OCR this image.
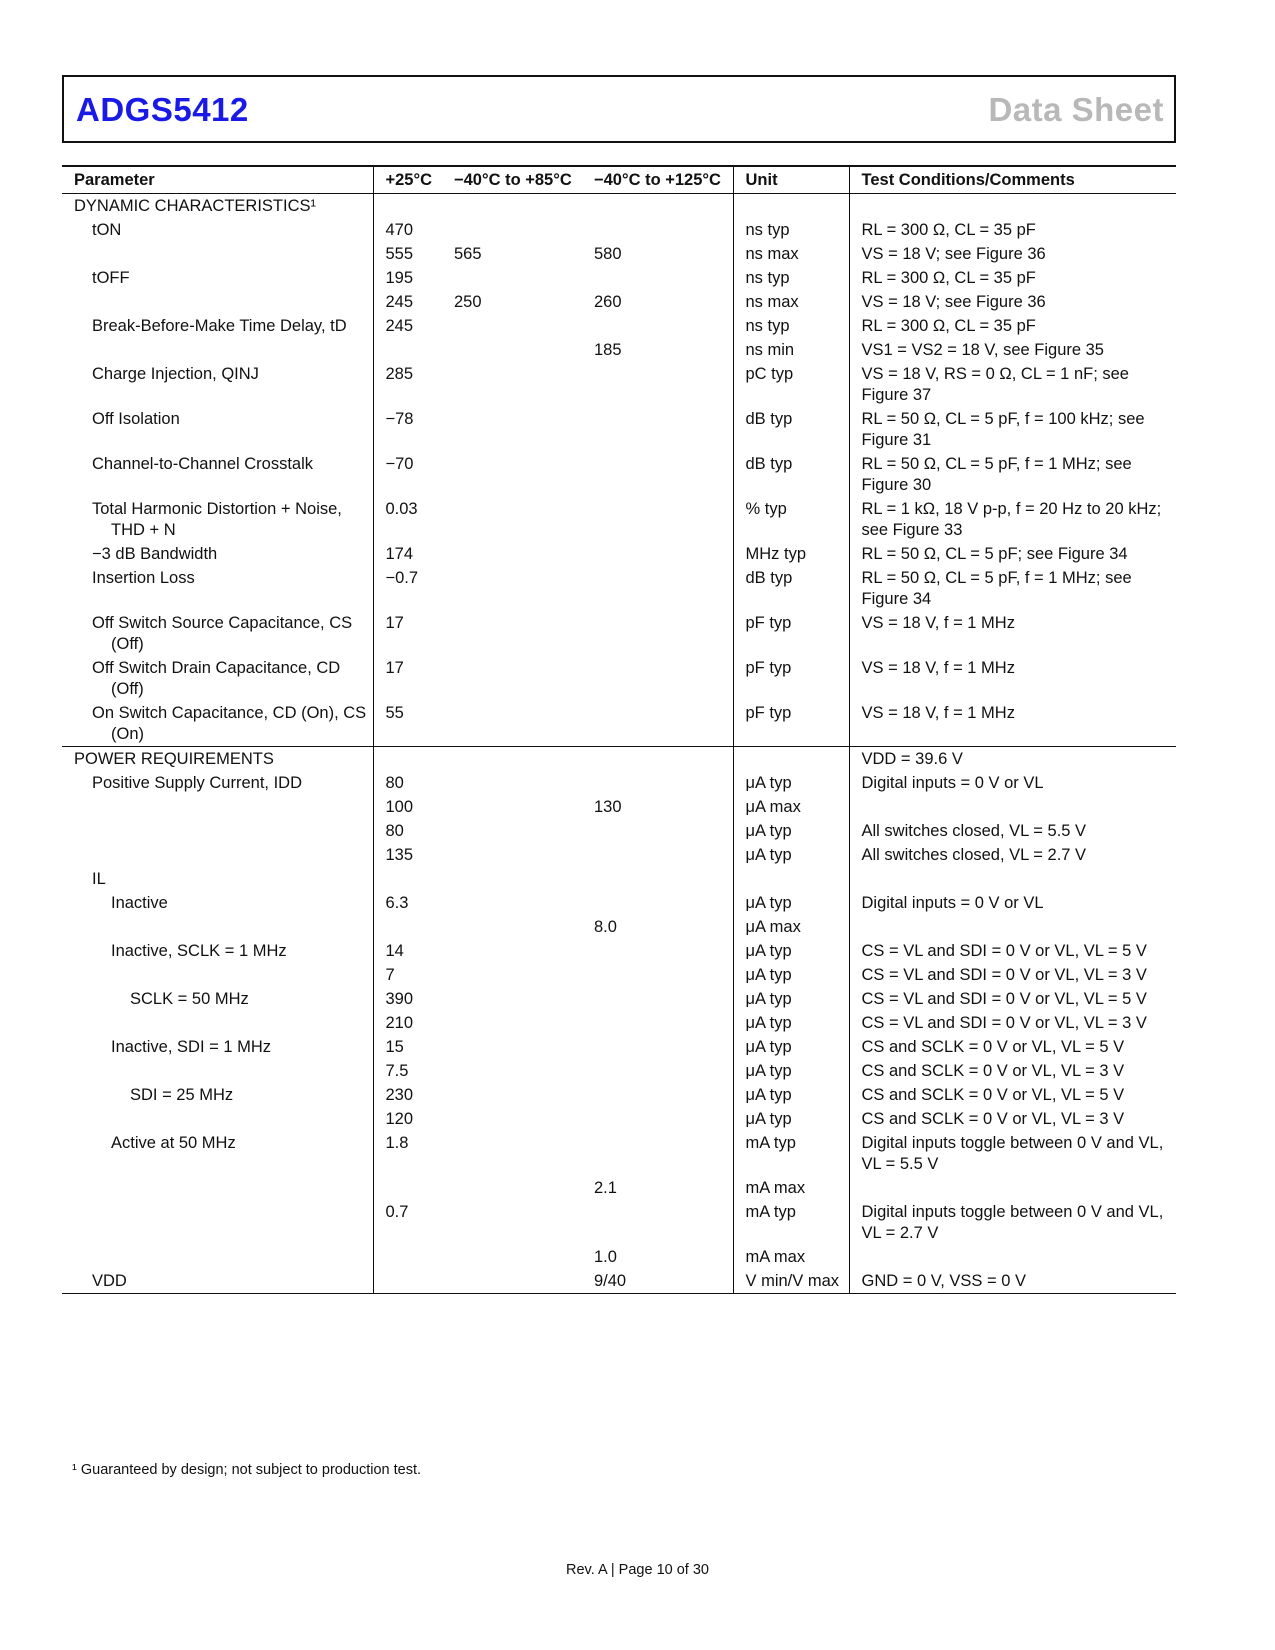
ADGS5412	Data Sheet
Parameter	+25°C	−40°C to +85°C	−40°C to +125°C	Unit	Test Conditions/Comments
DYNAMIC CHARACTERISTICS¹					
tON	470			ns typ	RL = 300 Ω, CL = 35 pF
	555	565	580	ns max	VS = 18 V; see Figure 36
tOFF	195			ns typ	RL = 300 Ω, CL = 35 pF
	245	250	260	ns max	VS = 18 V; see Figure 36
Break-Before-Make Time Delay, tD	245			ns typ	RL = 300 Ω, CL = 35 pF
			185	ns min	VS1 = VS2 = 18 V, see Figure 35
Charge Injection, QINJ	285			pC typ	VS = 18 V, RS = 0 Ω, CL = 1 nF; see Figure 37
Off Isolation	−78			dB typ	RL = 50 Ω, CL = 5 pF, f = 100 kHz; see Figure 31
Channel-to-Channel Crosstalk	−70			dB typ	RL = 50 Ω, CL = 5 pF, f = 1 MHz; see Figure 30

Total Harmonic Distortion + Noise, THD + N	0.03			% typ	RL = 1 kΩ, 18 V p-p, f = 20 Hz to 20 kHz; see Figure 33
−3 dB Bandwidth	174			MHz typ	RL = 50 Ω, CL = 5 pF; see Figure 34
Insertion Loss	−0.7			dB typ	RL = 50 Ω, CL = 5 pF, f = 1 MHz; see Figure 34

Off Switch Source Capacitance, CS (Off)	17			pF typ	VS = 18 V, f = 1 MHz

Off Switch Drain Capacitance, CD (Off)	17			pF typ	VS = 18 V, f = 1 MHz

On Switch Capacitance, CD (On), CS (On)	55			pF typ	VS = 18 V, f = 1 MHz
POWER REQUIREMENTS					VDD = 39.6 V
Positive Supply Current, IDD	80			μA typ	Digital inputs = 0 V or VL
	100		130	μA max	
	80			μA typ	All switches closed, VL = 5.5 V
	135			μA typ	All switches closed, VL = 2.7 V
IL					
Inactive	6.3			μA typ	Digital inputs = 0 V or VL
			8.0	μA max	
Inactive, SCLK = 1 MHz	14			μA typ	CS = VL and SDI = 0 V or VL, VL = 5 V
	7			μA typ	CS = VL and SDI = 0 V or VL, VL = 3 V
SCLK = 50 MHz	390			μA typ	CS = VL and SDI = 0 V or VL, VL = 5 V
	210			μA typ	CS = VL and SDI = 0 V or VL, VL = 3 V
Inactive, SDI = 1 MHz	15			μA typ	CS and SCLK = 0 V or VL, VL = 5 V
	7.5			μA typ	CS and SCLK = 0 V or VL, VL = 3 V
SDI = 25 MHz	230			μA typ	CS and SCLK = 0 V or VL, VL = 5 V
	120			μA typ	CS and SCLK = 0 V or VL, VL = 3 V
Active at 50 MHz	1.8			mA typ	Digital inputs toggle between 0 V and VL, VL = 5.5 V
			2.1	mA max	
	0.7			mA typ	Digital inputs toggle between 0 V and VL, VL = 2.7 V
			1.0	mA max	
VDD			9/40	V min/V max	GND = 0 V, VSS = 0 V
¹ Guaranteed by design; not subject to production test.
Rev. A | Page 10 of 30
